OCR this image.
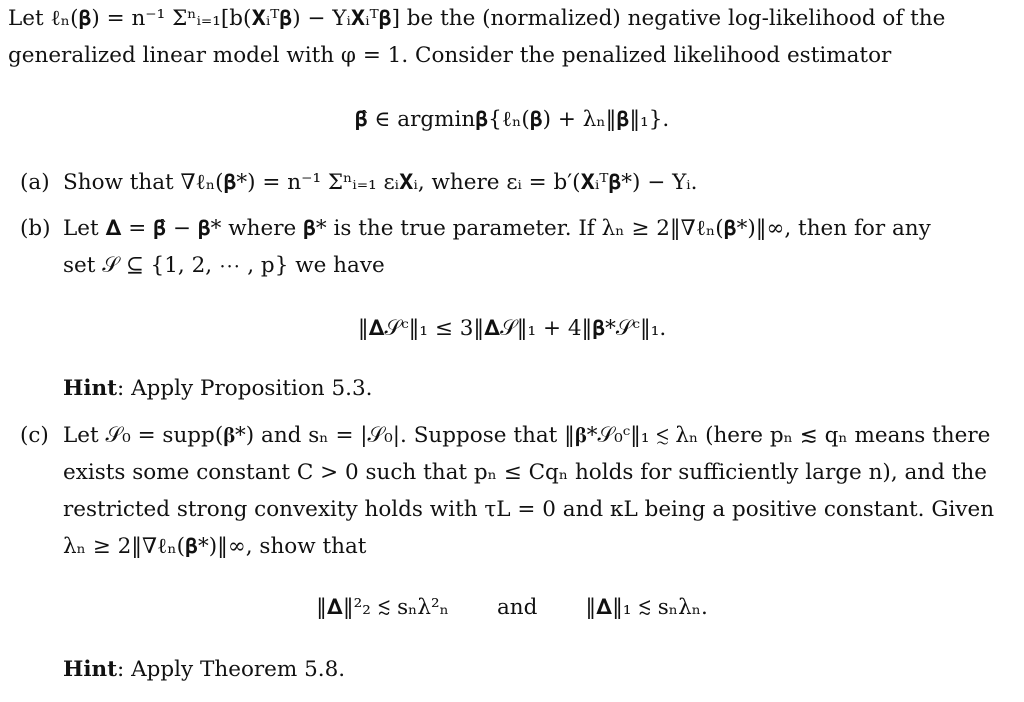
Let ℓₙ(𝛃) = n⁻¹ Σⁿᵢ₌₁[b(𝐗ᵢᵀ𝛃) − Yᵢ𝐗ᵢᵀ𝛃] be the (normalized) negative log-likelihood of the
generalized linear model with φ = 1. Consider the penalized likelihood estimator
𝛃̂ ∈ argmin𝛃{ℓₙ(𝛃) + λₙ‖𝛃‖₁}.
(a) Show that ∇ℓₙ(𝛃*) = n⁻¹ Σⁿᵢ₌₁ εᵢ𝐗ᵢ, where εᵢ = b′(𝐗ᵢᵀ𝛃*) − Yᵢ.
(b) Let 𝚫 = 𝛃̂ − 𝛃* where 𝛃* is the true parameter. If λₙ ≥ 2‖∇ℓₙ(𝛃*)‖∞, then for any
set 𝒮 ⊆ {1, 2, ⋯ , p} we have
‖𝚫𝒮ᶜ‖₁ ≤ 3‖𝚫𝒮‖₁ + 4‖𝛃*𝒮ᶜ‖₁.
Hint: Apply Proposition 5.3.
(c) Let 𝒮₀ = supp(𝛃*) and sₙ = |𝒮₀|. Suppose that ‖𝛃*𝒮₀ᶜ‖₁ ≲ λₙ (here pₙ ≲ qₙ means there
exists some constant C > 0 such that pₙ ≤ Cqₙ holds for sufficiently large n), and the
restricted strong convexity holds with τL = 0 and κL being a positive constant. Given
λₙ ≥ 2‖∇ℓₙ(𝛃*)‖∞, show that
‖𝚫‖²₂ ≲ sₙλ²ₙ and ‖𝚫‖₁ ≲ sₙλₙ.
Hint: Apply Theorem 5.8.
